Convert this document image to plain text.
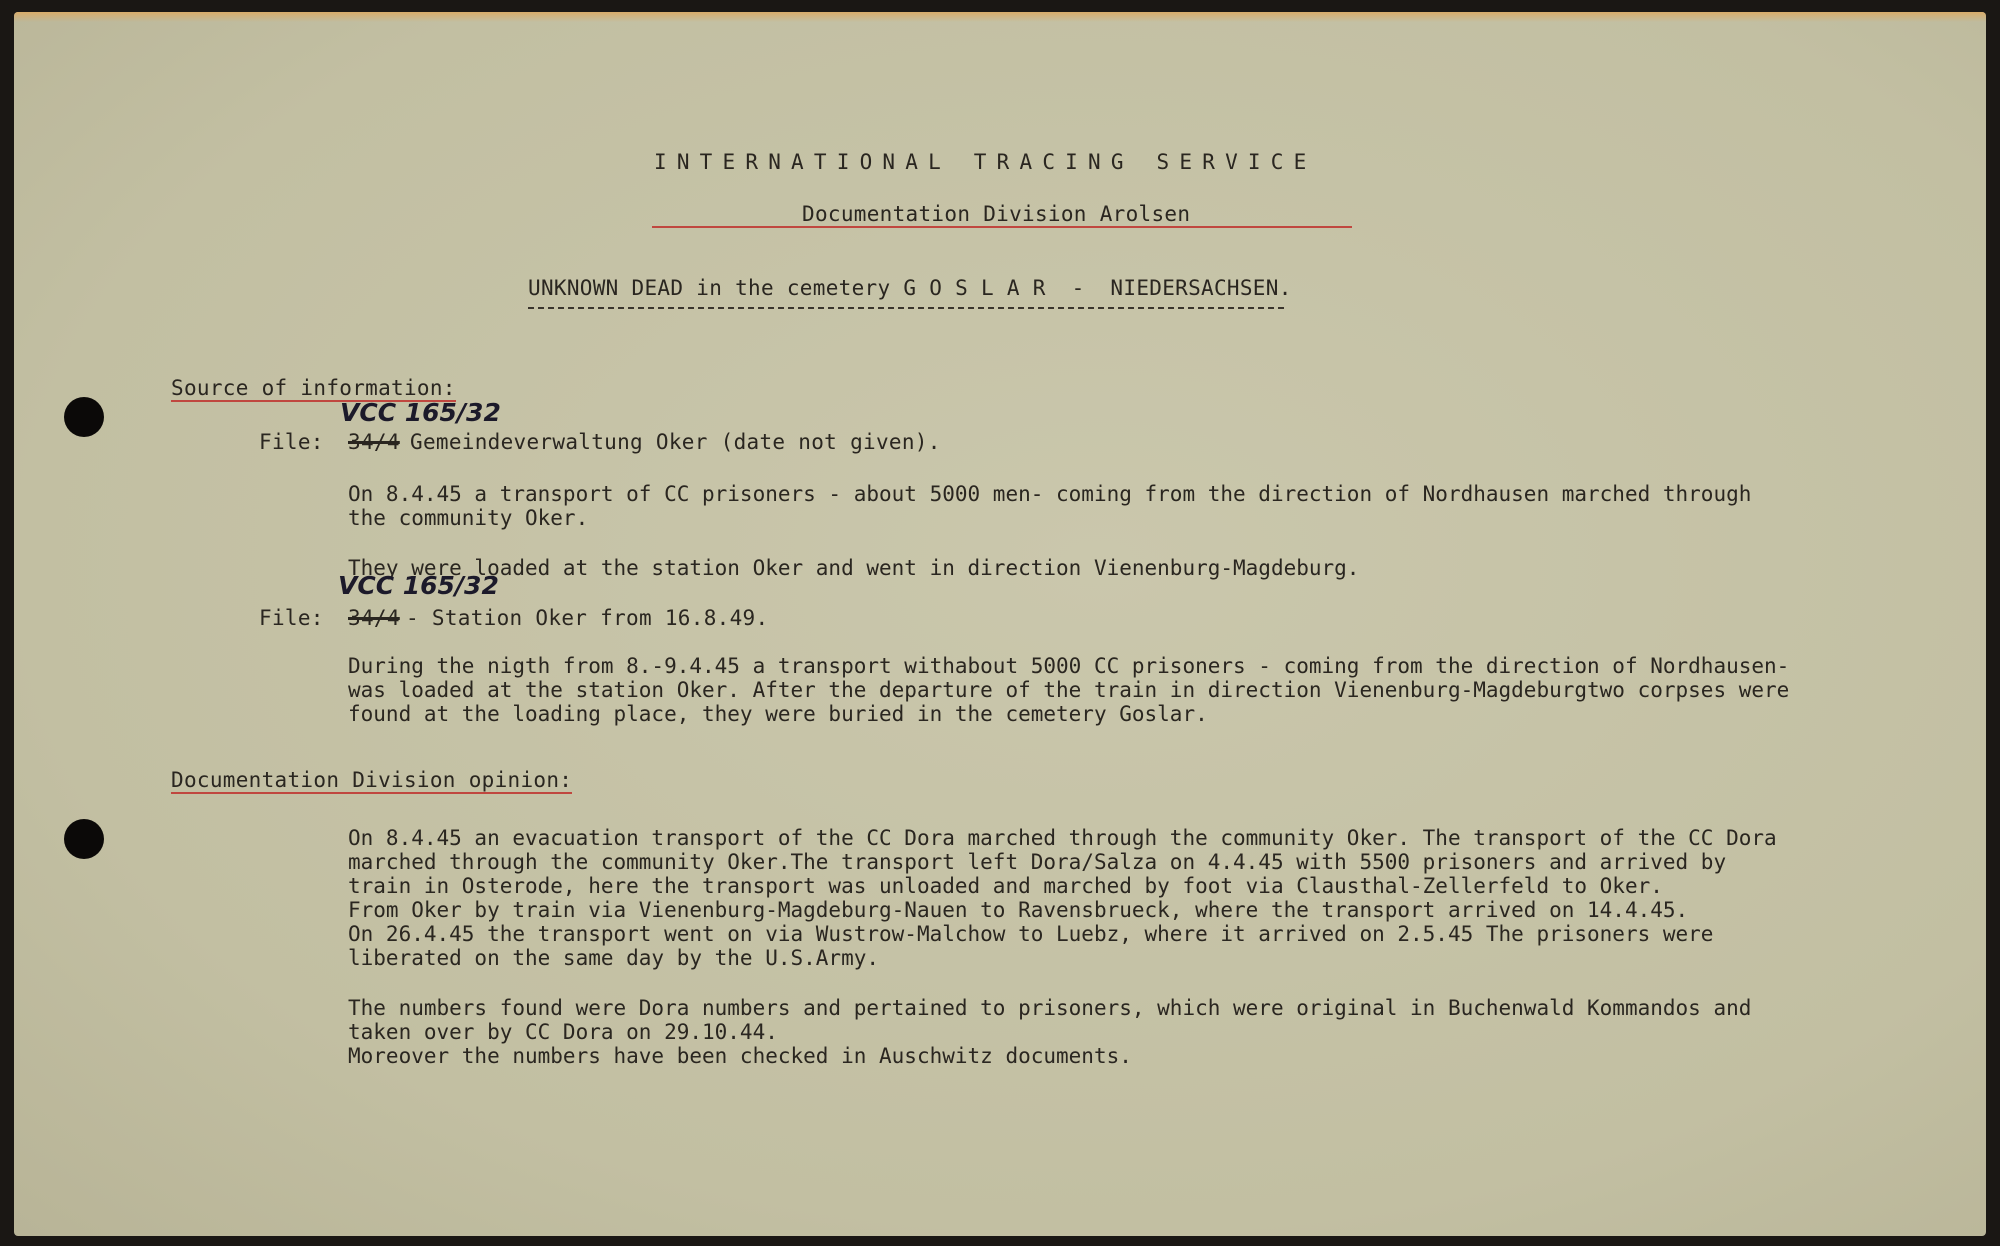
INTERNATIONAL TRACING SERVICE
Documentation Division Arolsen
UNKNOWN DEAD in the cemetery G O S L A R  -  NIEDERSACHSEN.
Source of information:
VCC 165/32
File: 34/4 Gemeindeverwaltung Oker (date not given).
On 8.4.45 a transport of CC prisoners - about 5000 men- coming from the direction of Nordhausen marched through
the community Oker.
They were loaded at the station Oker and went in direction Vienenburg-Magdeburg.
VCC 165/32
File: 34/4 - Station Oker from 16.8.49.
During the nigth from 8.-9.4.45 a transport withabout 5000 CC prisoners - coming from the direction of Nordhausen-
was loaded at the station Oker. After the departure of the train in direction Vienenburg-Magdeburgtwo corpses were
found at the loading place, they were buried in the cemetery Goslar.
Documentation Division opinion:
On 8.4.45 an evacuation transport of the CC Dora marched through the community Oker. The transport of the CC Dora
marched through the community Oker.The transport left Dora/Salza on 4.4.45 with 5500 prisoners and arrived by
train in Osterode, here the transport was unloaded and marched by foot via Clausthal-Zellerfeld to Oker.
From Oker by train via Vienenburg-Magdeburg-Nauen to Ravensbrueck, where the transport arrived on 14.4.45.
On 26.4.45 the transport went on via Wustrow-Malchow to Luebz, where it arrived on 2.5.45 The prisoners were
liberated on the same day by the U.S.Army.
The numbers found were Dora numbers and pertained to prisoners, which were original in Buchenwald Kommandos and
taken over by CC Dora on 29.10.44.
Moreover the numbers have been checked in Auschwitz documents.
